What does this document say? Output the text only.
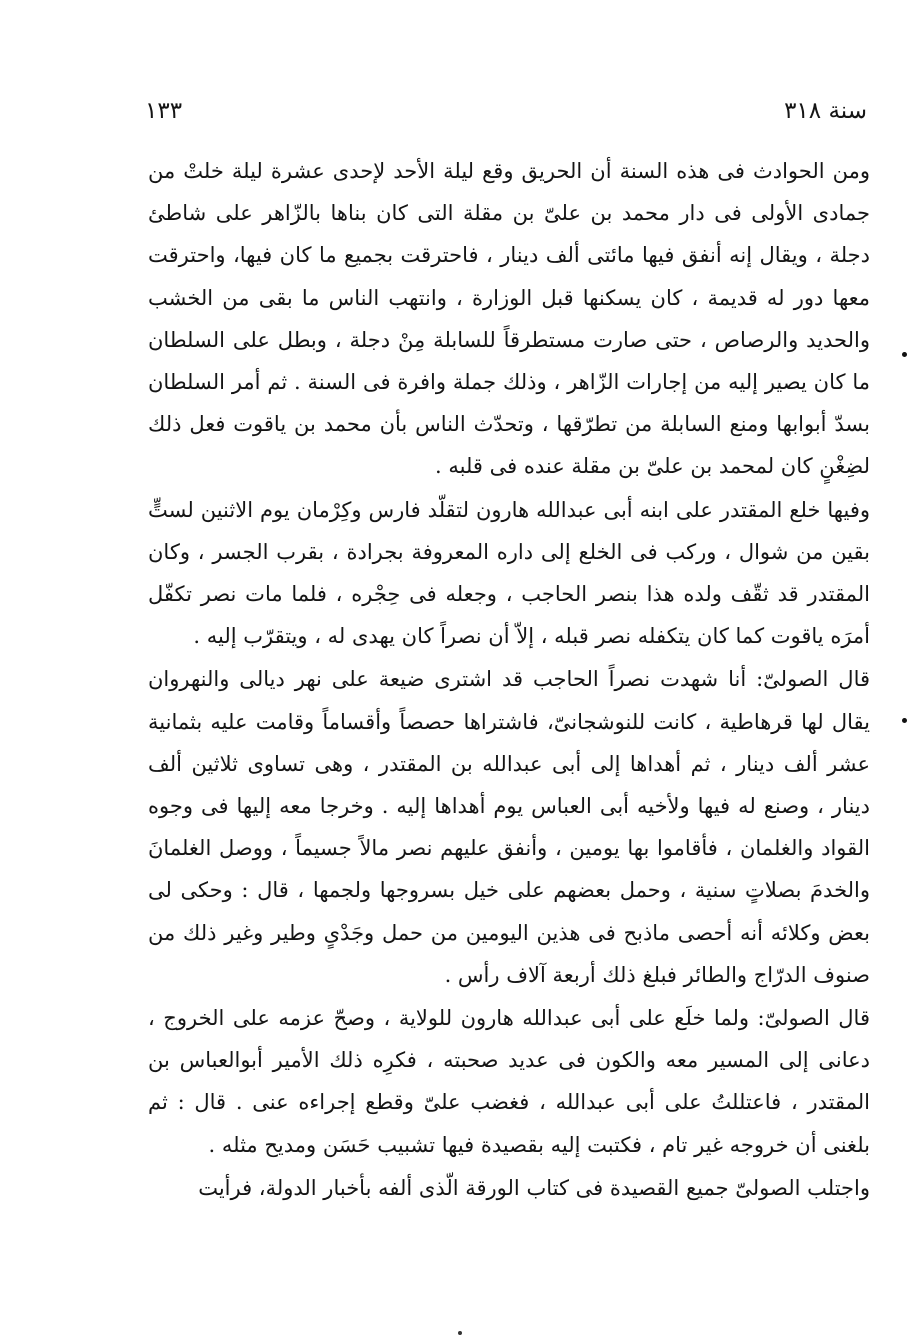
سنة ٣١٨
١٣٣

ومن الحوادث فى هذه السنة أن الحريق وقع ليلة الأحد لإحدى عشرة ليلة خلتْ من جمادى الأولى فى دار محمد بن علىّ بن مقلة التى كان بناها بالزّاهر على شاطئ دجلة ، ويقال إنه أنفق فيها مائتى ألف دينار ، فاحترقت بجميع ما كان فيها، واحترقت معها دور له قديمة ، كان يسكنها قبل الوزارة ، وانتهب الناس ما بقى من الخشب والحديد والرصاص ، حتى صارت مستطرقاً للسابلة مِنْ دجلة ، وبطل على السلطان ما كان يصير إليه من إجارات الزّاهر ، وذلك جملة وافرة فى السنة . ثم أمر السلطان بسدّ أبوابها ومنع السابلة من تطرّقها ، وتحدّث الناس بأن محمد بن ياقوت فعل ذلك لضِغْنٍ كان لمحمد بن علىّ بن مقلة عنده فى قلبه .

وفيها خلع المقتدر على ابنه أبى عبدالله هارون لتقلّد فارس وكِرْمان يوم الاثنين لستٍّ بقين من شوال ، وركب فى الخلع إلى داره المعروفة بجرادة ، بقرب الجسر ، وكان المقتدر قد ثقّف ولده هذا بنصر الحاجب ، وجعله فى حِجْره ، فلما مات نصر تكفّل أمرَه ياقوت كما كان يتكفله نصر قبله ، إلاّ أن نصراً كان يهدى له ، ويتقرّب إليه .

قال الصولىّ: أنا شهدت نصراً الحاجب قد اشترى ضيعة على نهر ديالى والنهروان يقال لها قرهاطية ، كانت للنوشجانىّ، فاشتراها حصصاً وأقساماً وقامت عليه بثمانية عشر ألف دينار ، ثم أهداها إلى أبى عبدالله بن المقتدر ، وهى تساوى ثلاثين ألف دينار ، وصنع له فيها ولأخيه أبى العباس يوم أهداها إليه . وخرجا معه إليها فى وجوه القواد والغلمان ، فأقاموا بها يومين ، وأنفق عليهم نصر مالاً جسيماً ، ووصل الغلمانَ والخدمَ بصلاتٍ سنية ، وحمل بعضهم على خيل بسروجها ولجمها ، قال : وحكى لى بعض وكلائه أنه أحصى ماذبح فى هذين اليومين من حمل وجَدْىٍ وطير وغير ذلك من صنوف الدرّاج والطائر فبلغ ذلك أربعة آلاف رأس .

قال الصولىّ: ولما خلَع على أبى عبدالله هارون للولاية ، وصحّ عزمه على الخروج ، دعانى إلى المسير معه والكون فى عديد صحبته ، فكرِه ذلك الأمير أبوالعباس بن المقتدر ، فاعتللتُ على أبى عبدالله ، فغضب علىّ وقطع إجراءه عنى . قال : ثم بلغنى أن خروجه غير تام ، فكتبت إليه بقصيدة فيها تشبيب حَسَن ومديح مثله .

واجتلب الصولىّ جميع القصيدة فى كتاب الورقة الّذى ألفه بأخبار الدولة، فرأيت
